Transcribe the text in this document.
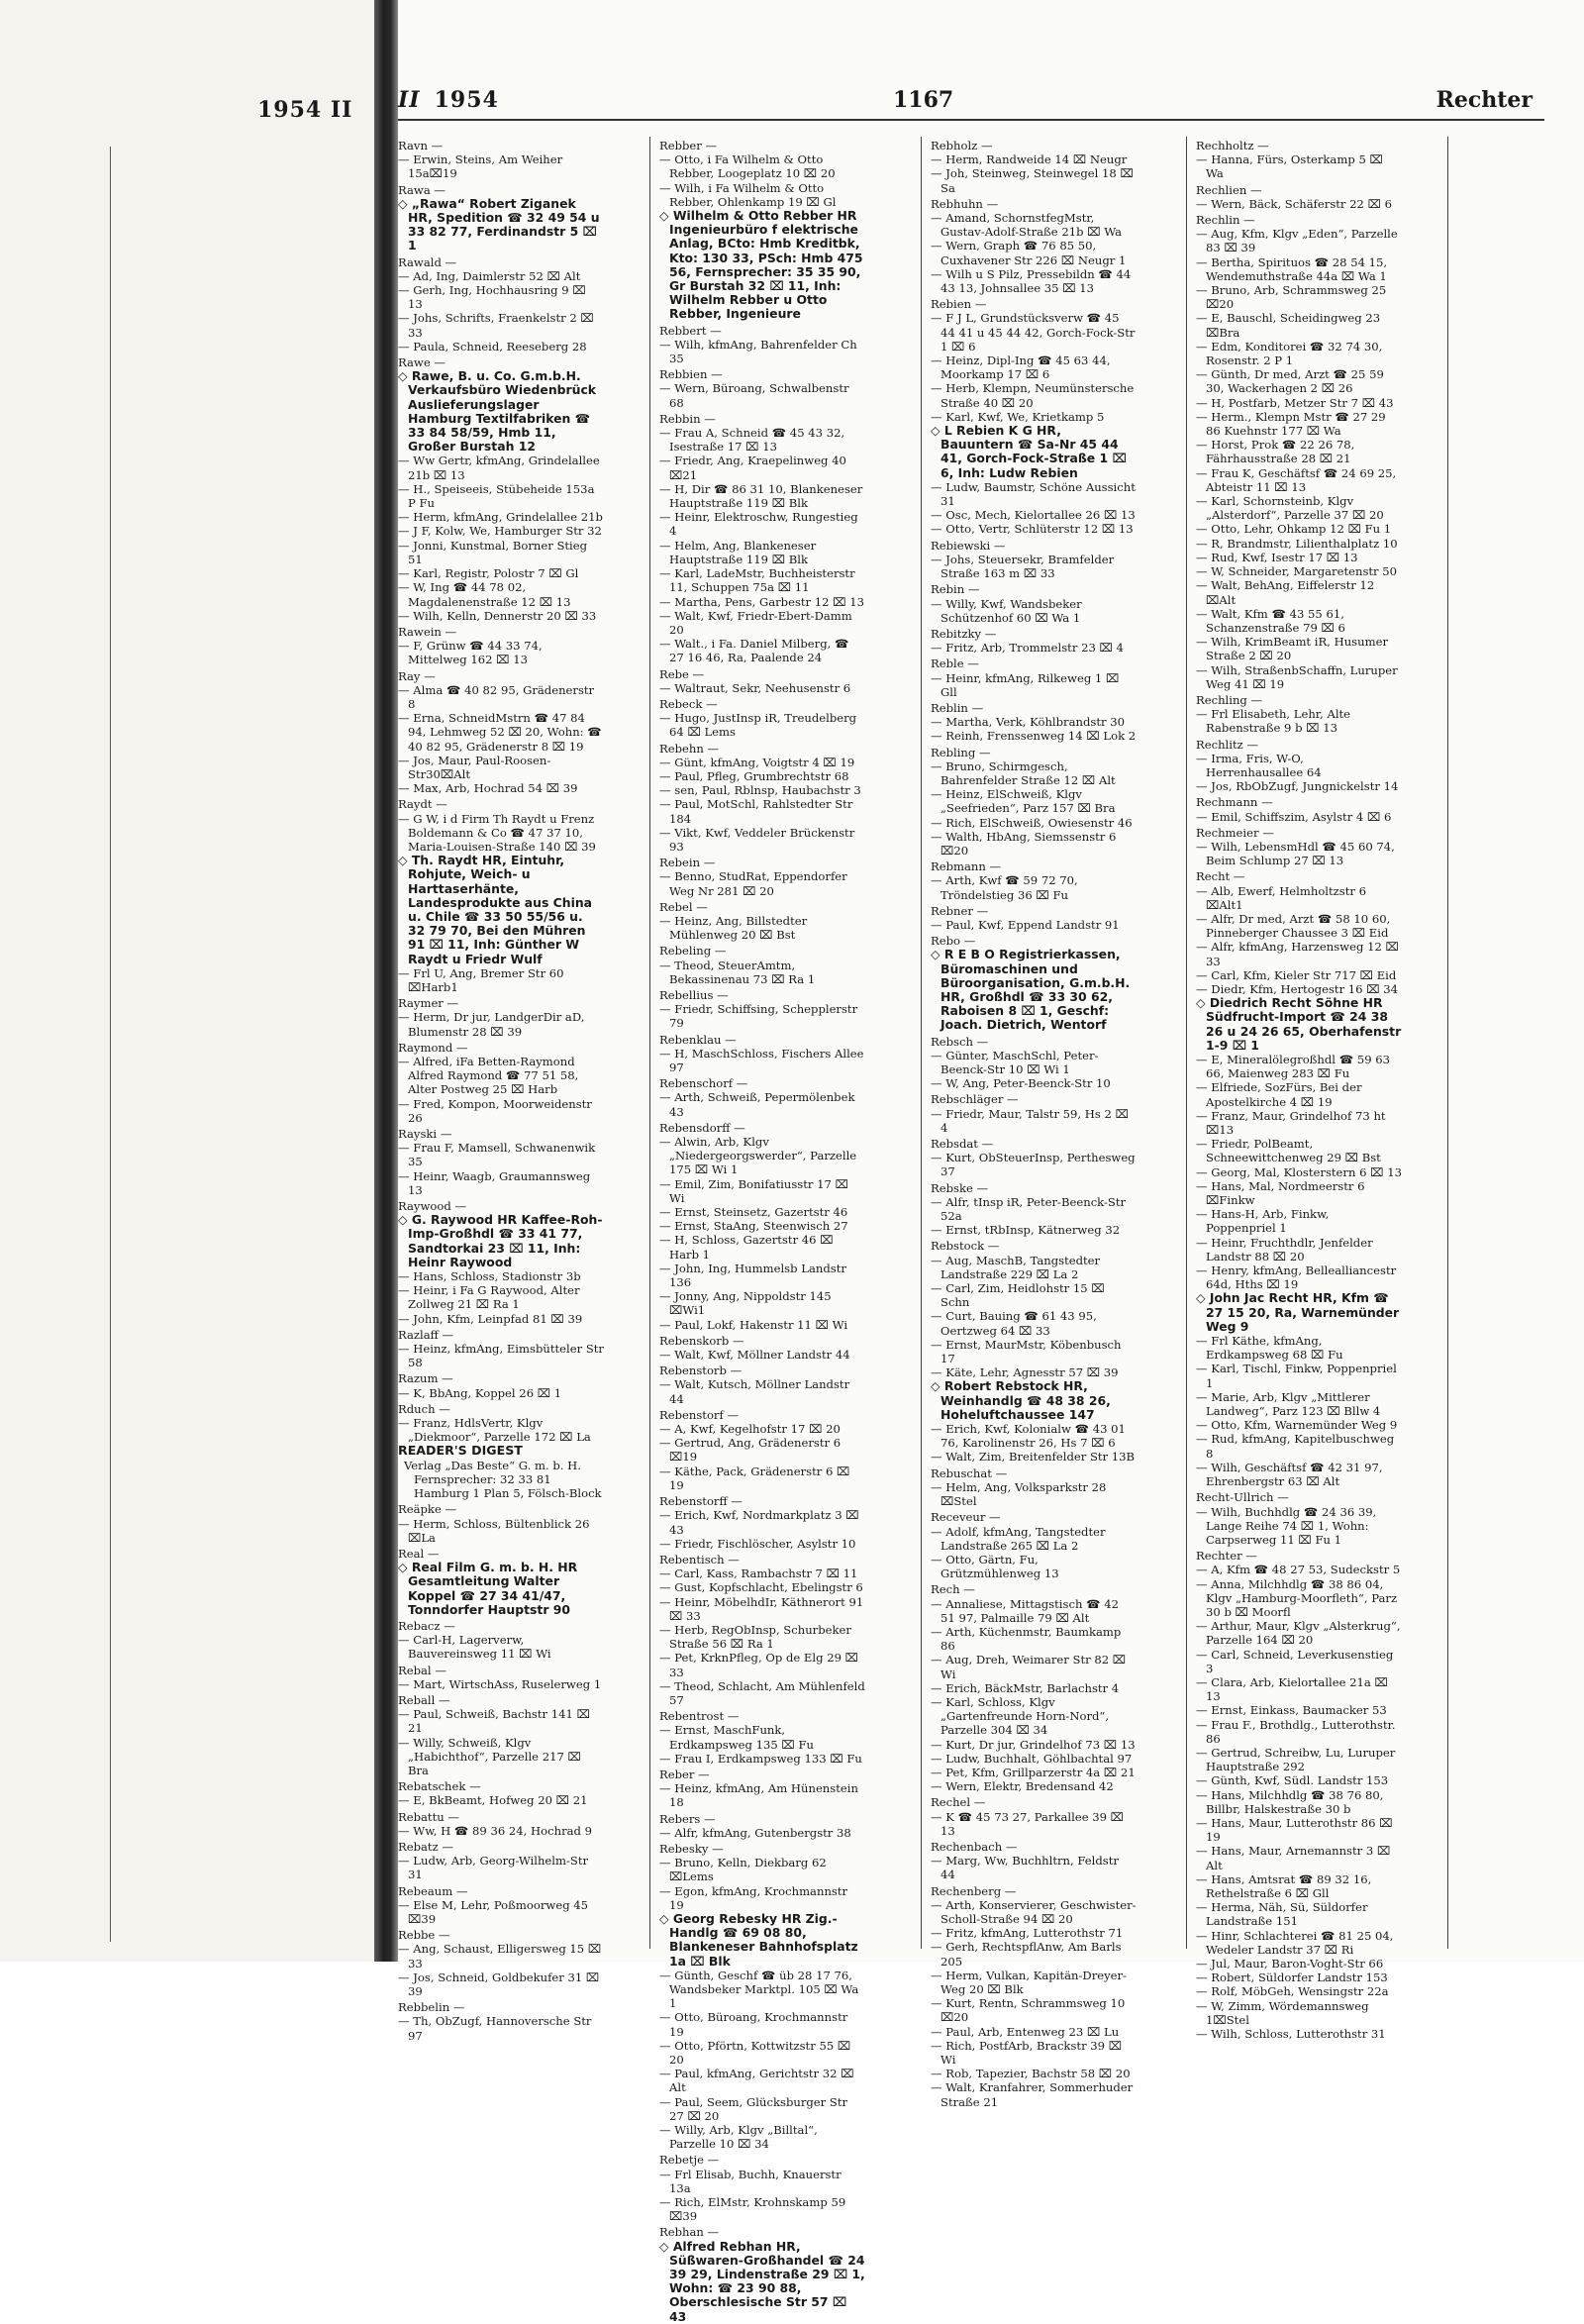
1954 II II 1954	1167	Rechter
Ravn —
— Erwin, Steins, Am Weiher 15a⌧19
Rawa —
◇ „Rawa“ Robert Ziganek HR, Spedition ☎ 32 49 54 u 33 82 77, Ferdinandstr 5 ⌧ 1
Rawald —
— Ad, Ing, Daimlerstr 52 ⌧ Alt
— Gerh, Ing, Hochhausring 9 ⌧ 13
— Johs, Schrifts, Fraenkelstr 2 ⌧ 33
— Paula, Schneid, Reeseberg 28
Rawe —
◇ Rawe, B. u. Co. G.m.b.H. Verkaufsbüro Wiedenbrück Auslieferungslager Hamburg Textilfabriken ☎ 33 84 58/59, Hmb 11, Großer Burstah 12
— Ww Gertr, kfmAng, Grindelallee 21b ⌧ 13
— H., Speiseeis, Stübeheide 153a P Fu
— Herm, kfmAng, Grindelallee 21b
— J F, Kolw, We, Hamburger Str 32
— Jonni, Kunstmal, Borner Stieg 51
— Karl, Registr, Polostr 7 ⌧ Gl
— W, Ing ☎ 44 78 02, Magdalenenstraße 12 ⌧ 13
— Wilh, Kelln, Dennerstr 20 ⌧ 33
Rawein —
— F, Grünw ☎ 44 33 74, Mittelweg 162 ⌧ 13
Ray —
— Alma ☎ 40 82 95, Grädenerstr 8
— Erna, SchneidMstrn ☎ 47 84 94, Lehmweg 52 ⌧ 20, Wohn: ☎ 40 82 95, Grädenerstr 8 ⌧ 19
— Jos, Maur, Paul-Roosen-Str30⌧Alt
— Max, Arb, Hochrad 54 ⌧ 39
Raydt —
— G W, i d Firm Th Raydt u Frenz Boldemann & Co ☎ 47 37 10, Maria-Louisen-Straße 140 ⌧ 39
◇ Th. Raydt HR, Eintuhr, Rohjute, Weich- u Harttaserhänte, Landesprodukte aus China u. Chile ☎ 33 50 55/56 u. 32 79 70, Bei den Mühren 91 ⌧ 11, Inh: Günther W Raydt u Friedr Wulf
— Frl U, Ang, Bremer Str 60 ⌧Harb1
Raymer —
— Herm, Dr jur, LandgerDir aD, Blumenstr 28 ⌧ 39
Raymond —
— Alfred, iFa Betten-Raymond Alfred Raymond ☎ 77 51 58, Alter Postweg 25 ⌧ Harb
— Fred, Kompon, Moorweidenstr 26
Rayski —
— Frau F, Mamsell, Schwanenwik 35
— Heinr, Waagb, Graumannsweg 13
Raywood —
◇ G. Raywood HR Kaffee-Roh-Imp-Großhdl ☎ 33 41 77, Sandtorkai 23 ⌧ 11, Inh: Heinr Raywood
— Hans, Schloss, Stadionstr 3b
— Heinr, i Fa G Raywood, Alter Zollweg 21 ⌧ Ra 1
— John, Kfm, Leinpfad 81 ⌧ 39
Razlaff —
— Heinz, kfmAng, Eimsbütteler Str 58
Razum —
— K, BbAng, Koppel 26 ⌧ 1
Rduch —
— Franz, HdlsVertr, Klgv „Diekmoor“, Parzelle 172 ⌧ La
READER'S DIGEST
Verlag „Das Beste“ G. m. b. H. Fernsprecher: 32 33 81 Hamburg 1 Plan 5, Fölsch-Block
Reäpke —
— Herm, Schloss, Bültenblick 26 ⌧La
Real —
◇ Real Film G. m. b. H. HR Gesamtleitung Walter Koppel ☎ 27 34 41/47, Tonndorfer Hauptstr 90
Rebacz —
— Carl-H, Lagerverw, Bauvereinsweg 11 ⌧ Wi
Rebal —
— Mart, WirtschAss, Ruselerweg 1
Reball —
— Paul, Schweiß, Bachstr 141 ⌧ 21
— Willy, Schweiß, Klgv „Habichthof“, Parzelle 217 ⌧ Bra
Rebatschek —
— E, BkBeamt, Hofweg 20 ⌧ 21
Rebattu —
— Ww, H ☎ 89 36 24, Hochrad 9
Rebatz —
— Ludw, Arb, Georg-Wilhelm-Str 31
Rebeaum —
— Else M, Lehr, Poßmoorweg 45 ⌧39
Rebbe —
— Ang, Schaust, Elligersweg 15 ⌧ 33
— Jos, Schneid, Goldbekufer 31 ⌧ 39
Rebbelin —
— Th, ObZugf, Hannoversche Str 97
Rebber —
— Otto, i Fa Wilhelm & Otto Rebber, Loogeplatz 10 ⌧ 20
— Wilh, i Fa Wilhelm & Otto Rebber, Ohlenkamp 19 ⌧ Gl
◇ Wilhelm & Otto Rebber HR Ingenieurbüro f elektrische Anlag, BCto: Hmb Kreditbk, Kto: 130 33, PSch: Hmb 475 56, Fernsprecher: 35 35 90, Gr Burstah 32 ⌧ 11, Inh: Wilhelm Rebber u Otto Rebber, Ingenieure
Rebbert —
— Wilh, kfmAng, Bahrenfelder Ch 35
Rebbien —
— Wern, Büroang, Schwalbenstr 68
Rebbin —
— Frau A, Schneid ☎ 45 43 32, Isestraße 17 ⌧ 13
— Friedr, Ang, Kraepelinweg 40 ⌧21
— H, Dir ☎ 86 31 10, Blankeneser Hauptstraße 119 ⌧ Blk
— Heinr, Elektroschw, Rungestieg 4
— Helm, Ang, Blankeneser Hauptstraße 119 ⌧ Blk
— Karl, LadeMstr, Buchheisterstr 11, Schuppen 75a ⌧ 11
— Martha, Pens, Garbestr 12 ⌧ 13
— Walt, Kwf, Friedr-Ebert-Damm 20
— Walt., i Fa. Daniel Milberg, ☎ 27 16 46, Ra, Paalende 24
Rebe —
— Waltraut, Sekr, Neehusenstr 6
Rebeck —
— Hugo, JustInsp iR, Treudelberg 64 ⌧ Lems
Rebehn —
— Günt, kfmAng, Voigtstr 4 ⌧ 19
— Paul, Pfleg, Grumbrechtstr 68
— sen, Paul, Rblnsp, Haubachstr 3
— Paul, MotSchl, Rahlstedter Str 184
— Vikt, Kwf, Veddeler Brückenstr 93
Rebein —
— Benno, StudRat, Eppendorfer Weg Nr 281 ⌧ 20
Rebel —
— Heinz, Ang, Billstedter Mühlenweg 20 ⌧ Bst
Rebeling —
— Theod, SteuerAmtm, Bekassinenau 73 ⌧ Ra 1
Rebellius —
— Friedr, Schiffsing, Schepplerstr 79
Rebenklau —
— H, MaschSchloss, Fischers Allee 97
Rebenschorf —
— Arth, Schweiß, Pepermölenbek 43
Rebensdorff —
— Alwin, Arb, Klgv „Niedergeorgswerder“, Parzelle 175 ⌧ Wi 1
— Emil, Zim, Bonifatiusstr 17 ⌧ Wi
— Ernst, Steinsetz, Gazertstr 46
— Ernst, StaAng, Steenwisch 27
— H, Schloss, Gazertstr 46 ⌧ Harb 1
— John, Ing, Hummelsb Landstr 136
— Jonny, Ang, Nippoldstr 145 ⌧Wi1
— Paul, Lokf, Hakenstr 11 ⌧ Wi
Rebenskorb —
— Walt, Kwf, Möllner Landstr 44
Rebenstorb —
— Walt, Kutsch, Möllner Landstr 44
Rebenstorf —
— A, Kwf, Kegelhofstr 17 ⌧ 20
— Gertrud, Ang, Grädenerstr 6 ⌧19
— Käthe, Pack, Grädenerstr 6 ⌧ 19
Rebenstorff —
— Erich, Kwf, Nordmarkplatz 3 ⌧ 43
— Friedr, Fischlöscher, Asylstr 10
Rebentisch —
— Carl, Kass, Rambachstr 7 ⌧ 11
— Gust, Kopfschlacht, Ebelingstr 6
— Heinr, MöbelhdIr, Käthnerort 91 ⌧ 33
— Herb, RegObInsp, Schurbeker Straße 56 ⌧ Ra 1
— Pet, KrknPfleg, Op de Elg 29 ⌧ 33
— Theod, Schlacht, Am Mühlenfeld 57
Rebentrost —
— Ernst, MaschFunk, Erdkampsweg 135 ⌧ Fu
— Frau I, Erdkampsweg 133 ⌧ Fu
Reber —
— Heinz, kfmAng, Am Hünenstein 18
Rebers —
— Alfr, kfmAng, Gutenbergstr 38
Rebesky —
— Bruno, Kelln, Diekbarg 62 ⌧Lems
— Egon, kfmAng, Krochmannstr 19
◇ Georg Rebesky HR Zig.-Handlg ☎ 69 08 80, Blankeneser Bahnhofsplatz 1a ⌧ Blk
— Günth, Geschf ☎ üb 28 17 76, Wandsbeker Marktpl. 105 ⌧ Wa 1
— Otto, Büroang, Krochmannstr 19
— Otto, Pförtn, Kottwitzstr 55 ⌧ 20
— Paul, kfmAng, Gerichtstr 32 ⌧ Alt
— Paul, Seem, Glücksburger Str 27 ⌧ 20
— Willy, Arb, Klgv „Billtal“, Parzelle 10 ⌧ 34
Rebetje —
— Frl Elisab, Buchh, Knauerstr 13a
— Rich, ElMstr, Krohnskamp 59 ⌧39
Rebhan —
◇ Alfred Rebhan HR, Süßwaren-Großhandel ☎ 24 39 29, Lindenstraße 29 ⌧ 1, Wohn: ☎ 23 90 88, Oberschlesische Str 57 ⌧ 43
Rebholz —
— Herm, Randweide 14 ⌧ Neugr
— Joh, Steinweg, Steinwegel 18 ⌧ Sa
Rebhuhn —
— Amand, SchornstfegMstr, Gustav-Adolf-Straße 21b ⌧ Wa
— Wern, Graph ☎ 76 85 50, Cuxhavener Str 226 ⌧ Neugr 1
— Wilh u S Pilz, Pressebildn ☎ 44 43 13, Johnsallee 35 ⌧ 13
Rebien —
— F J L, Grundstücksverw ☎ 45 44 41 u 45 44 42, Gorch-Fock-Str 1 ⌧ 6
— Heinz, Dipl-Ing ☎ 45 63 44, Moorkamp 17 ⌧ 6
— Herb, Klempn, Neumünstersche Straße 40 ⌧ 20
— Karl, Kwf, We, Krietkamp 5
◇ L Rebien K G HR, Bauuntern ☎ Sa-Nr 45 44 41, Gorch-Fock-Straße 1 ⌧ 6, Inh: Ludw Rebien
— Ludw, Baumstr, Schöne Aussicht 31
— Osc, Mech, Kielortallee 26 ⌧ 13
— Otto, Vertr, Schlüterstr 12 ⌧ 13
Rebiewski —
— Johs, Steuersekr, Bramfelder Straße 163 m ⌧ 33
Rebin —
— Willy, Kwf, Wandsbeker Schützenhof 60 ⌧ Wa 1
Rebitzky —
— Fritz, Arb, Trommelstr 23 ⌧ 4
Reble —
— Heinr, kfmAng, Rilkeweg 1 ⌧ Gll
Reblin —
— Martha, Verk, Köhlbrandstr 30
— Reinh, Frenssenweg 14 ⌧ Lok 2
Rebling —
— Bruno, Schirmgesch, Bahrenfelder Straße 12 ⌧ Alt
— Heinz, ElSchweiß, Klgv „Seefrieden“, Parz 157 ⌧ Bra
— Rich, ElSchweiß, Owiesenstr 46
— Walth, HbAng, Siemssenstr 6 ⌧20
Rebmann —
— Arth, Kwf ☎ 59 72 70, Tröndelstieg 36 ⌧ Fu
Rebner —
— Paul, Kwf, Eppend Landstr 91
Rebo —
◇ R E B O Registrierkassen, Büromaschinen und Büroorganisation, G.m.b.H. HR, Großhdl ☎ 33 30 62, Raboisen 8 ⌧ 1, Geschf: Joach. Dietrich, Wentorf
Rebsch —
— Günter, MaschSchl, Peter-Beenck-Str 10 ⌧ Wi 1
— W, Ang, Peter-Beenck-Str 10
Rebschläger —
— Friedr, Maur, Talstr 59, Hs 2 ⌧ 4
Rebsdat —
— Kurt, ObSteuerInsp, Perthesweg 37
Rebske —
— Alfr, tInsp iR, Peter-Beenck-Str 52a
— Ernst, tRbInsp, Kätnerweg 32
Rebstock —
— Aug, MaschB, Tangstedter Landstraße 229 ⌧ La 2
— Carl, Zim, Heidlohstr 15 ⌧ Schn
— Curt, Bauing ☎ 61 43 95, Oertzweg 64 ⌧ 33
— Ernst, MaurMstr, Köbenbusch 17
— Käte, Lehr, Agnesstr 57 ⌧ 39
◇ Robert Rebstock HR, Weinhandlg ☎ 48 38 26, Hoheluftchaussee 147
— Erich, Kwf, Kolonialw ☎ 43 01 76, Karolinenstr 26, Hs 7 ⌧ 6
— Walt, Zim, Breitenfelder Str 13B
Rebuschat —
— Helm, Ang, Volksparkstr 28 ⌧Stel
Receveur —
— Adolf, kfmAng, Tangstedter Landstraße 265 ⌧ La 2
— Otto, Gärtn, Fu, Grützmühlenweg 13
Rech —
— Annaliese, Mittagstisch ☎ 42 51 97, Palmaille 79 ⌧ Alt
— Arth, Küchenmstr, Baumkamp 86
— Aug, Dreh, Weimarer Str 82 ⌧ Wi
— Erich, BäckMstr, Barlachstr 4
— Karl, Schloss, Klgv „Gartenfreunde Horn-Nord“, Parzelle 304 ⌧ 34
— Kurt, Dr jur, Grindelhof 73 ⌧ 13
— Ludw, Buchhalt, Göhlbachtal 97
— Pet, Kfm, Grillparzerstr 4a ⌧ 21
— Wern, Elektr, Bredensand 42
Rechel —
— K ☎ 45 73 27, Parkallee 39 ⌧ 13
Rechenbach —
— Marg, Ww, Buchhltrn, Feldstr 44
Rechenberg —
— Arth, Konservierer, Geschwister-Scholl-Straße 94 ⌧ 20
— Fritz, kfmAng, Lutterothstr 71
— Gerh, RechtspflAnw, Am Barls 205
— Herm, Vulkan, Kapitän-Dreyer-Weg 20 ⌧ Blk
— Kurt, Rentn, Schrammsweg 10 ⌧20
— Paul, Arb, Entenweg 23 ⌧ Lu
— Rich, PostfArb, Brackstr 39 ⌧ Wi
— Rob, Tapezier, Bachstr 58 ⌧ 20
— Walt, Kranfahrer, Sommerhuder Straße 21
Rechholtz —
— Hanna, Fürs, Osterkamp 5 ⌧ Wa
Rechlien —
— Wern, Bäck, Schäferstr 22 ⌧ 6
Rechlin —
— Aug, Kfm, Klgv „Eden“, Parzelle 83 ⌧ 39
— Bertha, Spirituos ☎ 28 54 15, Wendemuthstraße 44a ⌧ Wa 1
— Bruno, Arb, Schrammsweg 25 ⌧20
— E, Bauschl, Scheidingweg 23 ⌧Bra
— Edm, Konditorei ☎ 32 74 30, Rosenstr. 2 P 1
— Günth, Dr med, Arzt ☎ 25 59 30, Wackerhagen 2 ⌧ 26
— H, Postfarb, Metzer Str 7 ⌧ 43
— Herm., Klempn Mstr ☎ 27 29 86 Kuehnstr 177 ⌧ Wa
— Horst, Prok ☎ 22 26 78, Fährhausstraße 28 ⌧ 21
— Frau K, Geschäftsf ☎ 24 69 25, Abteistr 11 ⌧ 13
— Karl, Schornsteinb, Klgv „Alsterdorf“, Parzelle 37 ⌧ 20
— Otto, Lehr, Ohkamp 12 ⌧ Fu 1
— R, Brandmstr, Lilienthalplatz 10
— Rud, Kwf, Isestr 17 ⌧ 13
— W, Schneider, Margaretenstr 50
— Walt, BehAng, Eiffelerstr 12 ⌧Alt
— Walt, Kfm ☎ 43 55 61, Schanzenstraße 79 ⌧ 6
— Wilh, KrimBeamt iR, Husumer Straße 2 ⌧ 20
— Wilh, StraßenbSchaffn, Luruper Weg 41 ⌧ 19
Rechling —
— Frl Elisabeth, Lehr, Alte Rabenstraße 9 b ⌧ 13
Rechlitz —
— Irma, Fris, W-O, Herrenhausallee 64
— Jos, RbObZugf, Jungnickelstr 14
Rechmann —
— Emil, Schiffszim, Asylstr 4 ⌧ 6
Rechmeier —
— Wilh, LebensmHdl ☎ 45 60 74, Beim Schlump 27 ⌧ 13
Recht —
— Alb, Ewerf, Helmholtzstr 6 ⌧Alt1
— Alfr, Dr med, Arzt ☎ 58 10 60, Pinneberger Chaussee 3 ⌧ Eid
— Alfr, kfmAng, Harzensweg 12 ⌧ 33
— Carl, Kfm, Kieler Str 717 ⌧ Eid
— Diedr, Kfm, Hertogestr 16 ⌧ 34
◇ Diedrich Recht Söhne HR Südfrucht-Import ☎ 24 38 26 u 24 26 65, Oberhafenstr 1-9 ⌧ 1
— E, Mineralölegroßhdl ☎ 59 63 66, Maienweg 283 ⌧ Fu
— Elfriede, SozFürs, Bei der Apostelkirche 4 ⌧ 19
— Franz, Maur, Grindelhof 73 ht ⌧13
— Friedr, PolBeamt, Schneewittchenweg 29 ⌧ Bst
— Georg, Mal, Klosterstern 6 ⌧ 13
— Hans, Mal, Nordmeerstr 6 ⌧Finkw
— Hans-H, Arb, Finkw, Poppenpriel 1
— Heinr, Fruchthdlr, Jenfelder Landstr 88 ⌧ 20
— Henry, kfmAng, Belleallianc​estr 64d, Hths ⌧ 19
◇ John Jac Recht HR, Kfm ☎ 27 15 20, Ra, Warnemünder Weg 9
— Frl Käthe, kfmAng, Erdkampsweg 68 ⌧ Fu
— Karl, Tischl, Finkw, Poppenpriel 1
— Marie, Arb, Klgv „Mittlerer Landweg“, Parz 123 ⌧ Bllw 4
— Otto, Kfm, Warnemünder Weg 9
— Rud, kfmAng, Kapitelbuschweg 8
— Wilh, Geschäftsf ☎ 42 31 97, Ehrenbergstr 63 ⌧ Alt
Recht-Ullrich —
— Wilh, Buchhdlg ☎ 24 36 39, Lange Reihe 74 ⌧ 1, Wohn: Carpserweg 11 ⌧ Fu 1
Rechter —
— A, Kfm ☎ 48 27 53, Sudeckstr 5
— Anna, Milchhdlg ☎ 38 86 04, Klgv „Hamburg-Moorfleth“, Parz 30 b ⌧ Moorfl
— Arthur, Maur, Klgv „Alsterkrug“, Parzelle 164 ⌧ 20
— Carl, Schneid, Leverkusenstieg 3
— Clara, Arb, Kielortallee 21a ⌧ 13
— Ernst, Einkass, Baumacker 53
— Frau F., Brothdlg., Lutterothstr. 86
— Gertrud, Schreibw, Lu, Luruper Hauptstraße 292
— Günth, Kwf, Südl. Landstr 153
— Hans, Milchhdlg ☎ 38 76 80, Billbr, Halskestraße 30 b
— Hans, Maur, Lutterothstr 86 ⌧ 19
— Hans, Maur, Arnemannstr 3 ⌧ Alt
— Hans, Amtsrat ☎ 89 32 16, Rethelstraße 6 ⌧ Gll
— Herma, Näh, Sü, Süldorfer Landstraße 151
— Hinr, Schlachterei ☎ 81 25 04, Wedeler Landstr 37 ⌧ Ri
— Jul, Maur, Baron-Voght-Str 66
— Robert, Süldorfer Landstr 153
— Rolf, MöbGeh, Wensingstr 22a
— W, Zimm, Wördemannsweg 1⌧Stel
— Wilh, Schloss, Lutterothstr 31
